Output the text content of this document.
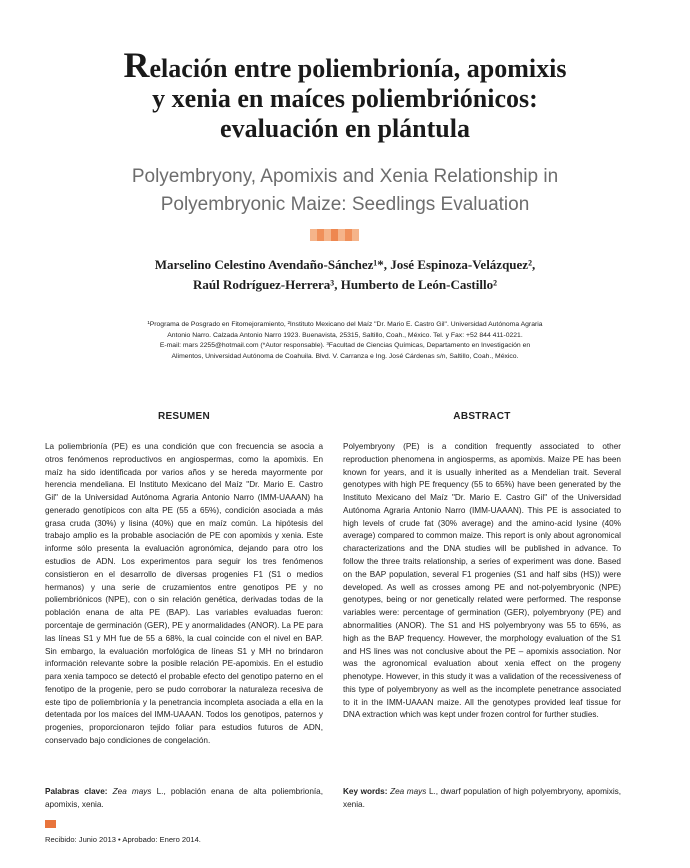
Relación entre poliembrionía, apomixis
y xenia en maíces poliembriónicos:
evaluación en plántula
Polyembryony, Apomixis and Xenia Relationship in
Polyembryonic Maize: Seedlings Evaluation
Marselino Celestino Avendaño-Sánchez¹*, José Espinoza-Velázquez²,
Raúl Rodríguez-Herrera³, Humberto de León-Castillo²
¹Programa de Posgrado en Fitomejoramiento, ²Instituto Mexicano del Maíz "Dr. Mario E. Castro Gil". Universidad Autónoma Agraria
Antonio Narro. Calzada Antonio Narro 1923. Buenavista, 25315, Saltillo, Coah., México. Tel. y Fax: +52 844 411-0221.
E-mail: mars 2255@hotmail.com (*Autor responsable). ³Facultad de Ciencias Químicas, Departamento en Investigación en
Alimentos, Universidad Autónoma de Coahuila. Blvd. V. Carranza e Ing. José Cárdenas s/n, Saltillo, Coah., México.
RESUMEN

La poliembrionía (PE) es una condición que con frecuencia se asocia a otros fenómenos reproductivos en angiospermas, como la apomixis. En maíz ha sido identificada por varios años y se hereda mayormente por herencia mendeliana. El Instituto Mexicano del Maíz "Dr. Mario E. Castro Gil" de la Universidad Autónoma Agraria Antonio Narro (IMM-UAAAN) ha generado genotípicos con alta PE (55 a 65%), condición asociada a más grasa cruda (30%) y lisina (40%) que en maíz común. La hipótesis del trabajo amplio es la probable asociación de PE con apomixis y xenia. Este informe sólo presenta la evaluación agronómica, dejando para otro los estudios de ADN. Los experimentos para seguir los tres fenómenos consistieron en el desarrollo de diversas progenies F1 (S1 o medios hermanos) y una serie de cruzamientos entre genotipos PE y no poliembriónicos (NPE), con o sin relación genética, derivadas todas de la población enana de alta PE (BAP). Las variables evaluadas fueron: porcentaje de germinación (GER), PE y anormalidades (ANOR). La PE para las líneas S1 y MH fue de 55 a 68%, la cual coincide con el nivel en BAP. Sin embargo, la evaluación morfológica de líneas S1 y MH no brindaron información relevante sobre la posible relación PE-apomixis. En el estudio para xenia tampoco se detectó el probable efecto del genotipo paterno en el fenotipo de la progenie, pero se pudo corroborar la naturaleza recesiva de este tipo de poliembrionía y la penetrancia incompleta asociada a ella en la detentada por los maíces del IMM-UAAAN. Todos los genotipos, paternos y progenies, proporcionaron tejido foliar para estudios futuros de ADN, conservado bajo condiciones de congelación.

Palabras clave: Zea mays L., población enana de alta poliembrionía, apomixis, xenia.

ABSTRACT

Polyembryony (PE) is a condition frequently associated to other reproduction phenomena in angiosperms, as apomixis. Maize PE has been known for years, and it is usually inherited as a Mendelian trait. Several genotypes with high PE frequency (55 to 65%) have been generated by the Instituto Mexicano del Maíz "Dr. Mario E. Castro Gil" of the Universidad Autónoma Agraria Antonio Narro (IMM-UAAAN). This PE is associated to high levels of crude fat (30% average) and the amino-acid lysine (40% average) compared to common maize. This report is only about agronomical characterizations and the DNA studies will be published in advance. To follow the three traits relationship, a series of experiment was done. Based on the BAP population, several F1 progenies (S1 and half sibs (HS)) were developed. As well as crosses among PE and not-polyembryonic (NPE) genotypes, being or nor genetically related were performed. The response variables were: percentage of germination (GER), polyembryony (PE) and abnormalities (ANOR). The S1 and HS polyembryony was 55 to 65%, as high as the BAP frequency. However, the morphology evaluation of the S1 and HS lines was not conclusive about the PE – apomixis association. Nor was the agronomical evaluation about xenia effect on the progeny phenotype. However, in this study it was a validation of the recessiveness of this type of polyembryony as well as the incomplete penetrance associated to it in the IMM-UAAAN maize. All the genotypes provided leaf tissue for DNA extraction which was kept under frozen control for further studies.

Key words: Zea mays L., dwarf population of high polyembryony, apomixis, xenia.

Recibido: Junio 2013 • Aprobado: Enero 2014.
